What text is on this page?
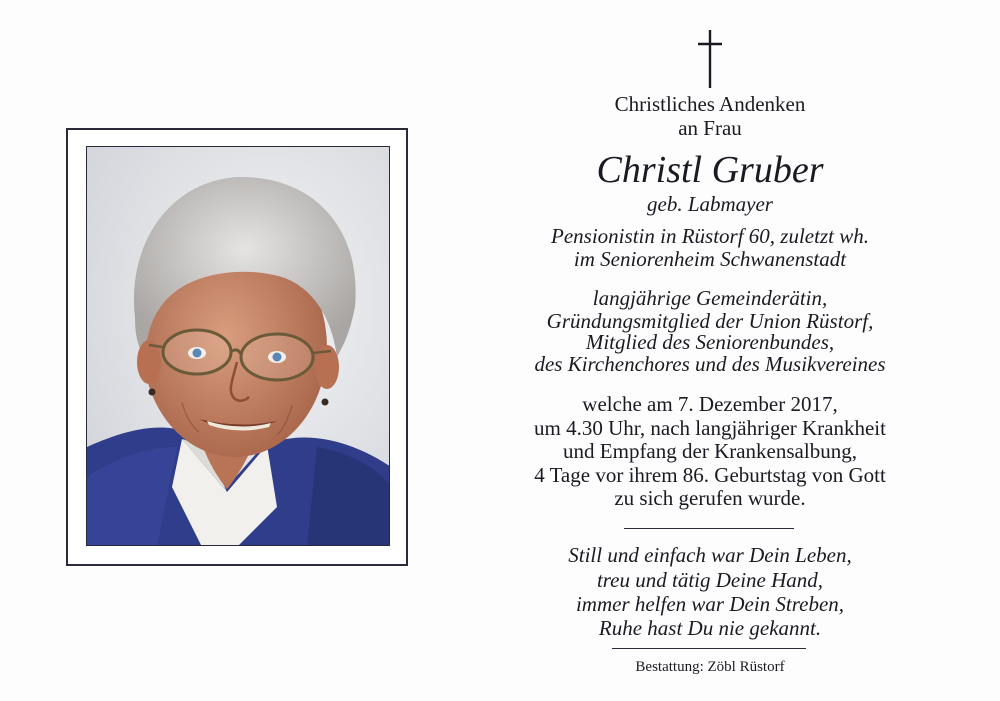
Christliches Andenken
an Frau
Christl Gruber
geb. Labmayer
Pensionistin in Rüstorf 60, zuletzt wh.
im Seniorenheim Schwanenstadt
langjährige Gemeinderätin,
Gründungsmitglied der Union Rüstorf,
Mitglied des Seniorenbundes,
des Kirchenchores und des Musikvereines
welche am 7. Dezember 2017,
um 4.30 Uhr, nach langjähriger Krankheit
und Empfang der Krankensalbung,
4 Tage vor ihrem 86. Geburtstag von Gott
zu sich gerufen wurde.
Still und einfach war Dein Leben,
treu und tätig Deine Hand,
immer helfen war Dein Streben,
Ruhe hast Du nie gekannt.
Bestattung: Zöbl Rüstorf
